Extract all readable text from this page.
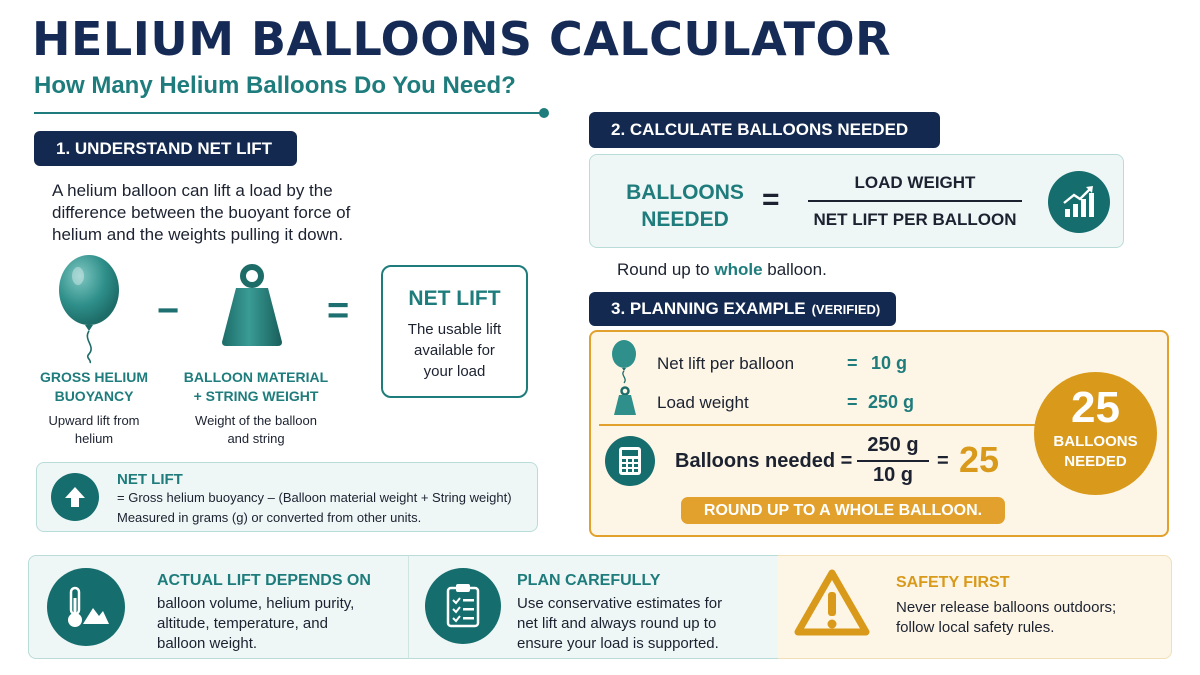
HELIUM BALLOONS CALCULATOR
How Many Helium Balloons Do You Need?
1. UNDERSTAND NET LIFT
A helium balloon can lift a load by the difference between the buoyant force of helium and the weights pulling it down.
−	=
GROSS HELIUM
BUOYANCY
Upward lift from
helium
BALLOON MATERIAL
+ STRING WEIGHT
Weight of the balloon
and string
NET LIFT
The usable lift
available for
your load
NET LIFT
= Gross helium buoyancy – (Balloon material weight + String weight)
Measured in grams (g) or converted from other units.
2. CALCULATE BALLOONS NEEDED
BALLOONS
NEEDED
=
LOAD WEIGHT
NET LIFT PER BALLOON
Round up to whole balloon.
3. PLANNING EXAMPLE (VERIFIED)
Net lift per balloon	= 10 g
Load weight	= 250 g
Balloons needed =
250 g
10 g
= 25
ROUND UP TO A WHOLE BALLOON.
25
BALLOONS
NEEDED
ACTUAL LIFT DEPENDS ON
balloon volume, helium purity,
altitude, temperature, and
balloon weight.
PLAN CAREFULLY
Use conservative estimates for
net lift and always round up to
ensure your load is supported.
SAFETY FIRST
Never release balloons outdoors;
follow local safety rules.
